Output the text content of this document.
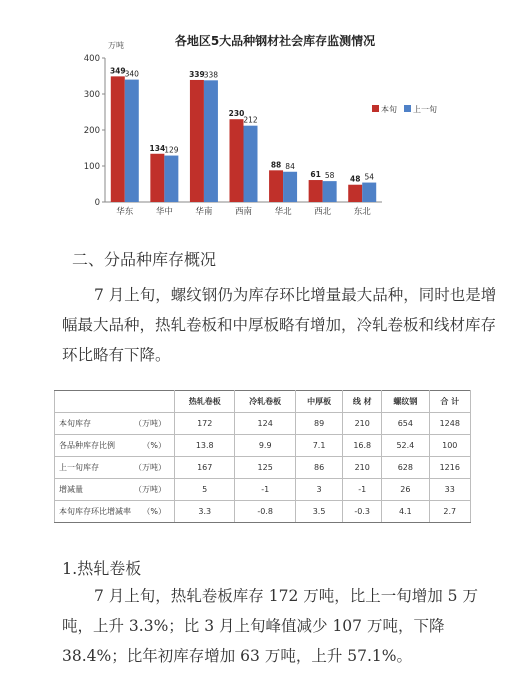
各地区5大品种钢材社会库存监测情况
万吨
0
100
200
300
400
华东
349 340
华中
134 129
华南
339 338
西南
230
212
华北
88 84
西北
61 58
东北
48 54
本旬 上一旬
二、分品种库存概况
7 月上旬，螺纹钢仍为库存环比增量最大品种，同时也是增幅最大品种，热轧卷板和中厚板略有增加，冷轧卷板和线材库存环比略有下降。
	热轧卷板	冷轧卷板	中厚板	线 材	螺纹钢	合 计
本旬库存 （万吨）	172	124	89	210	654	1248
各品种库存比例 （%）	13.8	9.9	7.1	16.8	52.4	100
上一旬库存 （万吨）	167	125	86	210	628	1216
增减量 （万吨）	5	-1	3	-1	26	33
本旬库存环比增减率 （%）	3.3	-0.8	3.5	-0.3	4.1	2.7
1.热轧卷板
7 月上旬，热轧卷板库存 172 万吨，比上一旬增加 5 万吨，上升 3.3%；比 3 月上旬峰值减少 107 万吨，下降 38.4%；比年初库存增加 63 万吨，上升 57.1%。
